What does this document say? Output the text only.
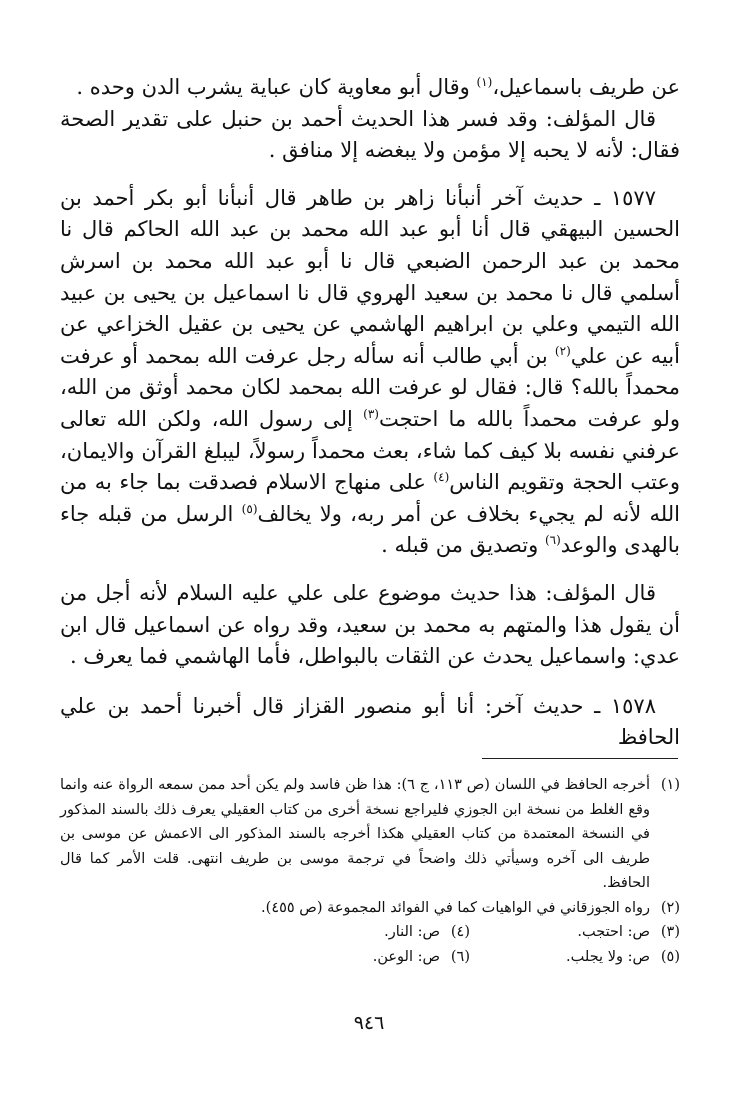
عن طريف باسماعيل،$^{(١)}$ وقال أبو معاوية كان عباية يشرب الدن وحده .

قال المؤلف: وقد فسر هذا الحديث أحمد بن حنبل على تقدير الصحة فقال: لأنه لا يحبه إلا مؤمن ولا يبغضه إلا منافق .

١٥٧٧ ـ حديث آخر أنبأنا زاهر بن طاهر قال أنبأنا أبو بكر أحمد بن الحسين البيهقي قال أنا أبو عبد الله محمد بن عبد الله الحاكم قال نا محمد بن عبد الرحمن الضبعي قال نا أبو عبد الله محمد بن اسرش أسلمي قال نا محمد بن سعيد الهروي قال نا اسماعيل بن يحيى بن عبيد الله التيمي وعلي بن ابراهيم الهاشمي عن يحيى بن عقيل الخزاعي عن أبيه عن علي$^{(٢)}$ بن أبي طالب أنه سأله رجل عرفت الله بمحمد أو عرفت محمداً بالله؟ قال: فقال لو عرفت الله بمحمد لكان محمد أوثق من الله، ولو عرفت محمداً بالله ما احتجت$^{(٣)}$ إلى رسول الله، ولكن الله تعالى عرفني نفسه بلا كيف كما شاء، بعث محمداً رسولاً، ليبلغ القرآن والايمان، وعتب الحجة وتقويم الناس$^{(٤)}$ على منهاج الاسلام فصدقت بما جاء به من الله لأنه لم يجيء بخلاف عن أمر ربه، ولا يخالف$^{(٥)}$ الرسل من قبله جاء بالهدى والوعد$^{(٦)}$ وتصديق من قبله .

قال المؤلف: هذا حديث موضوع على علي عليه السلام لأنه أجل من أن يقول هذا والمتهم به محمد بن سعيد، وقد رواه عن اسماعيل قال ابن عدي: واسماعيل يحدث عن الثقات بالبواطل، فأما الهاشمي فما يعرف .

١٥٧٨ ـ حديث آخر: أنا أبو منصور القزاز قال أخبرنا أحمد بن علي الحافظ

(١)
أخرجه الحافظ في اللسان (ص ١١٣، ج ٦): هذا ظن فاسد ولم يكن أحد ممن سمعه الرواة عنه وانما وقع الغلط من نسخة ابن الجوزي فليراجع نسخة أخرى من كتاب العقيلي يعرف ذلك بالسند المذكور في النسخة المعتمدة من كتاب العقيلي هكذا أخرجه بالسند المذكور الى الاعمش عن موسى بن طريف الى آخره وسيأتي ذلك واضحاً في ترجمة موسى بن طريف انتهى. قلت الأمر كما قال الحافظ.
(٢)
رواه الجوزقاني في الواهيات كما في الفوائد المجموعة (ص ٤٥٥).
(٣)
ص: احتجب.
(٤)
ص: النار.
(٥)
ص: ولا يجلب.
(٦)
ص: الوعن.
٩٤٦
